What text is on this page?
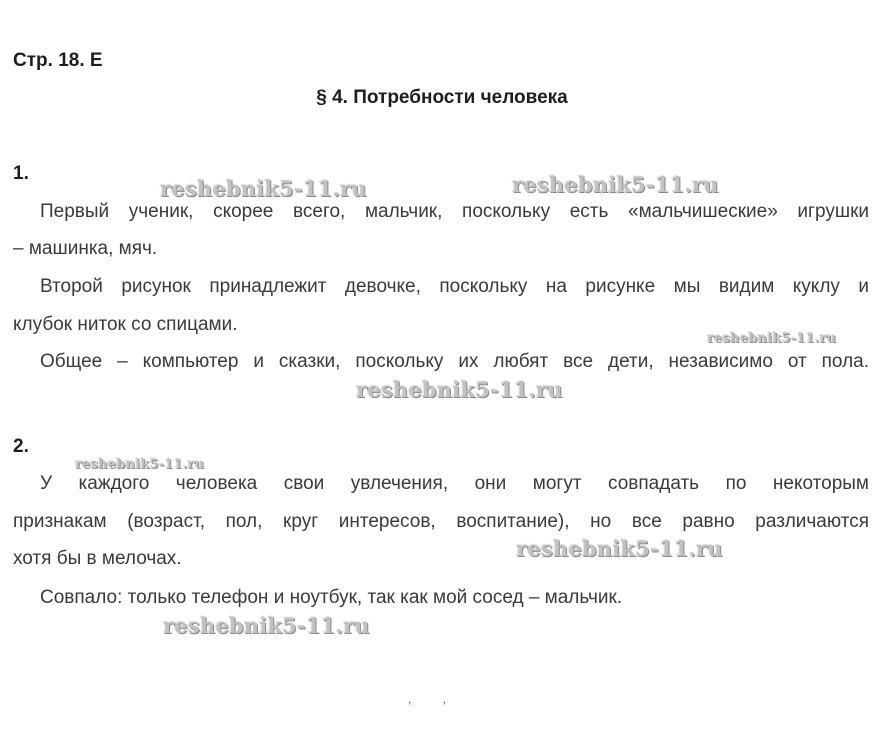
Стр. 18. Е
§ 4. Потребности человека
1.
Первый ученик, скорее всего, мальчик, поскольку есть «мальчишеские» игрушки
– машинка, мяч.
Второй рисунок принадлежит девочке, поскольку на рисунке мы видим куклу и
клубок ниток со спицами.
Общее – компьютер и сказки, поскольку их любят все дети, независимо от пола.
2.
У каждого человека свои увлечения, они могут совпадать по некоторым
признакам (возраст, пол, круг интересов, воспитание), но все равно различаются
хотя бы в мелочах.
Совпало: только телефон и ноутбук, так как мой сосед – мальчик.
reshebnik5-11.ru	reshebnik5-11.ru
reshebnik5-11.ru
reshebnik5-11.ru
reshebnik5-11.ru
reshebnik5-11.ru
reshebnik5-11.ru
, ,
